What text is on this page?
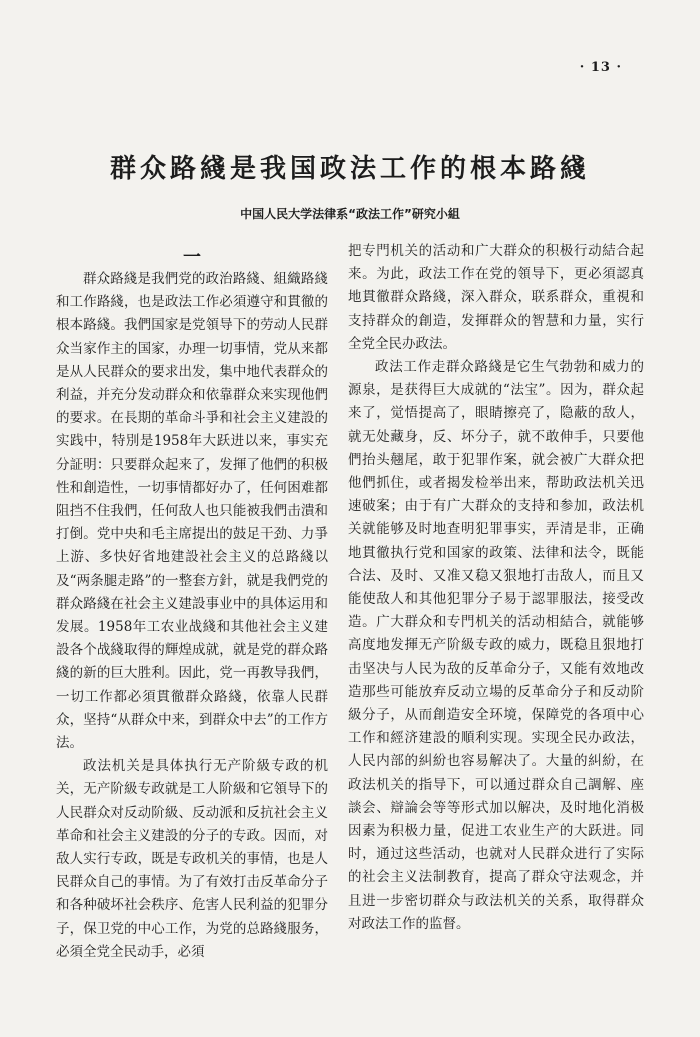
· 13 ·
群众路綫是我国政法工作的根本路綫
中国人民大学法律系“政法工作”研究小組
一

群众路綫是我們党的政治路綫、組織路綫和工作路綫，也是政法工作必須遵守和貫徹的根本路綫。我們国家是党領导下的劳动人民群众当家作主的国家，办理一切事情，党从来都是从人民群众的要求出发，集中地代表群众的利益，并充分发动群众和依靠群众来实现他們的要求。在長期的革命斗爭和社会主义建設的实践中，特別是1958年大跃进以来，事实充分証明：只要群众起来了，发揮了他們的积极性和創造性，一切事情都好办了，任何困难都阻挡不住我們，任何敌人也只能被我們击潰和打倒。党中央和毛主席提出的鼓足干劲、力爭上游、多快好省地建設社会主义的总路綫以及“两条腿走路”的一整套方針，就是我們党的群众路綫在社会主义建設事业中的具体运用和发展。1958年工农业战綫和其他社会主义建設各个战綫取得的輝煌成就，就是党的群众路綫的新的巨大胜利。因此，党一再教导我們，一切工作都必須貫徹群众路綫，依靠人民群众，坚持“从群众中来，到群众中去”的工作方法。

政法机关是具体执行无产阶級专政的机关，无产阶級专政就是工人阶級和它領导下的人民群众对反动阶級、反动派和反抗社会主义革命和社会主义建設的分子的专政。因而，对敌人实行专政，既是专政机关的事情，也是人民群众自己的事情。为了有效打击反革命分子和各种破坏社会秩序、危害人民利益的犯罪分子，保卫党的中心工作，为党的总路綫服务，必須全党全民动手，必須

把专門机关的活动和广大群众的积极行动結合起来。为此，政法工作在党的領导下，更必須認真地貫徹群众路綫，深入群众，联系群众，重視和支持群众的創造，发揮群众的智慧和力量，实行全党全民办政法。

政法工作走群众路綫是它生气勃勃和威力的源泉，是获得巨大成就的“法宝”。因为，群众起来了，觉悟提高了，眼睛擦亮了，隐蔽的敌人，就无处藏身，反、坏分子，就不敢伸手，只要他們抬头翹尾，敢于犯罪作案，就会被广大群众把他們抓住，或者揭发检举出来，帮助政法机关迅速破案；由于有广大群众的支持和参加，政法机关就能够及时地查明犯罪事实，弄清是非，正确地貫徹执行党和国家的政策、法律和法令，既能合法、及时、又准又稳又狠地打击敌人，而且又能使敌人和其他犯罪分子易于認罪服法，接受改造。广大群众和专門机关的活动相結合，就能够高度地发揮无产阶級专政的威力，既稳且狠地打击坚决与人民为敌的反革命分子，又能有效地改造那些可能放弃反动立場的反革命分子和反动阶級分子，从而創造安全环境，保障党的各項中心工作和經济建設的順利实现。实现全民办政法，人民内部的糾紛也容易解决了。大量的糾紛，在政法机关的指导下，可以通过群众自己調解、座談会、辯論会等等形式加以解决，及时地化消极因素为积极力量，促进工农业生产的大跃进。同时，通过这些活动，也就对人民群众进行了实际的社会主义法制教育，提高了群众守法观念，并且进一步密切群众与政法机关的关系，取得群众对政法工作的监督。
